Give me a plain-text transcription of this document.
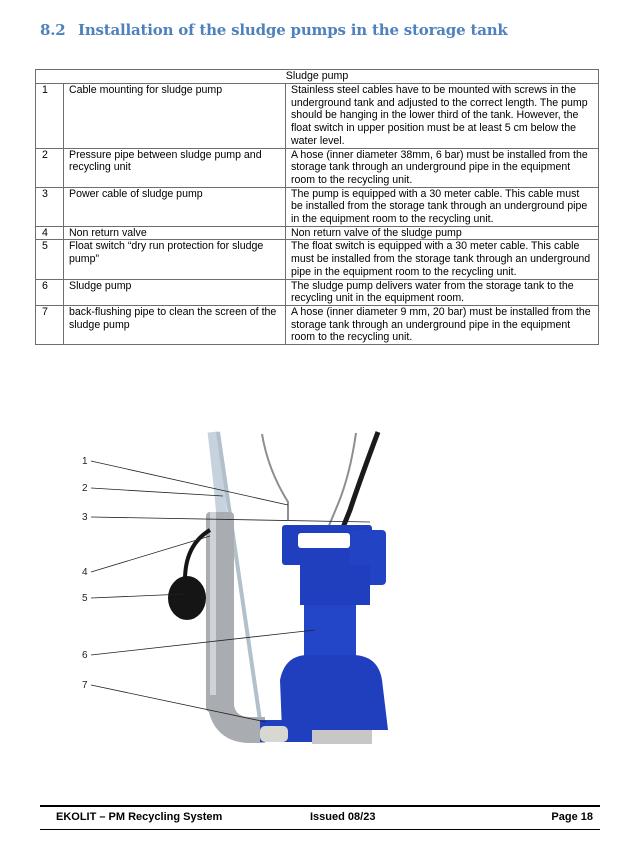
8.2 Installation of the sludge pumps in the storage tank
Sludge pump		
1	Cable mounting for sludge pump	Stainless steel cables have to be mounted with screws in the underground tank and adjusted to the correct length. The pump should be hanging in the lower third of the tank. However, the float switch in upper position must be at least 5 cm below the water level.
2	Pressure pipe between sludge pump and recycling unit	A hose (inner diameter 38mm, 6 bar) must be installed from the storage tank through an underground pipe in the equipment room to the recycling unit.
3	Power cable of sludge pump	The pump is equipped with a 30 meter cable. This cable must be installed from the storage tank through an underground pipe in the equipment room to the recycling unit.
4	Non return valve	Non return valve of the sludge pump
5	Float switch “dry run protection for sludge pump”	The float switch is equipped with a 30 meter cable. This cable must be installed from the storage tank through an underground pipe in the equipment room to the recycling unit.
6	Sludge pump	The sludge pump delivers water from the storage tank to the recycling unit in the equipment room.
7	back-flushing pipe to clean the screen of the sludge pump	A hose (inner diameter 9 mm, 20 bar) must be installed from the storage tank through an underground pipe in the equipment room to the recycling unit.
1
2
3
4
5
6
7
EKOLIT – PM Recycling System	Issued 08/23	Page 18
